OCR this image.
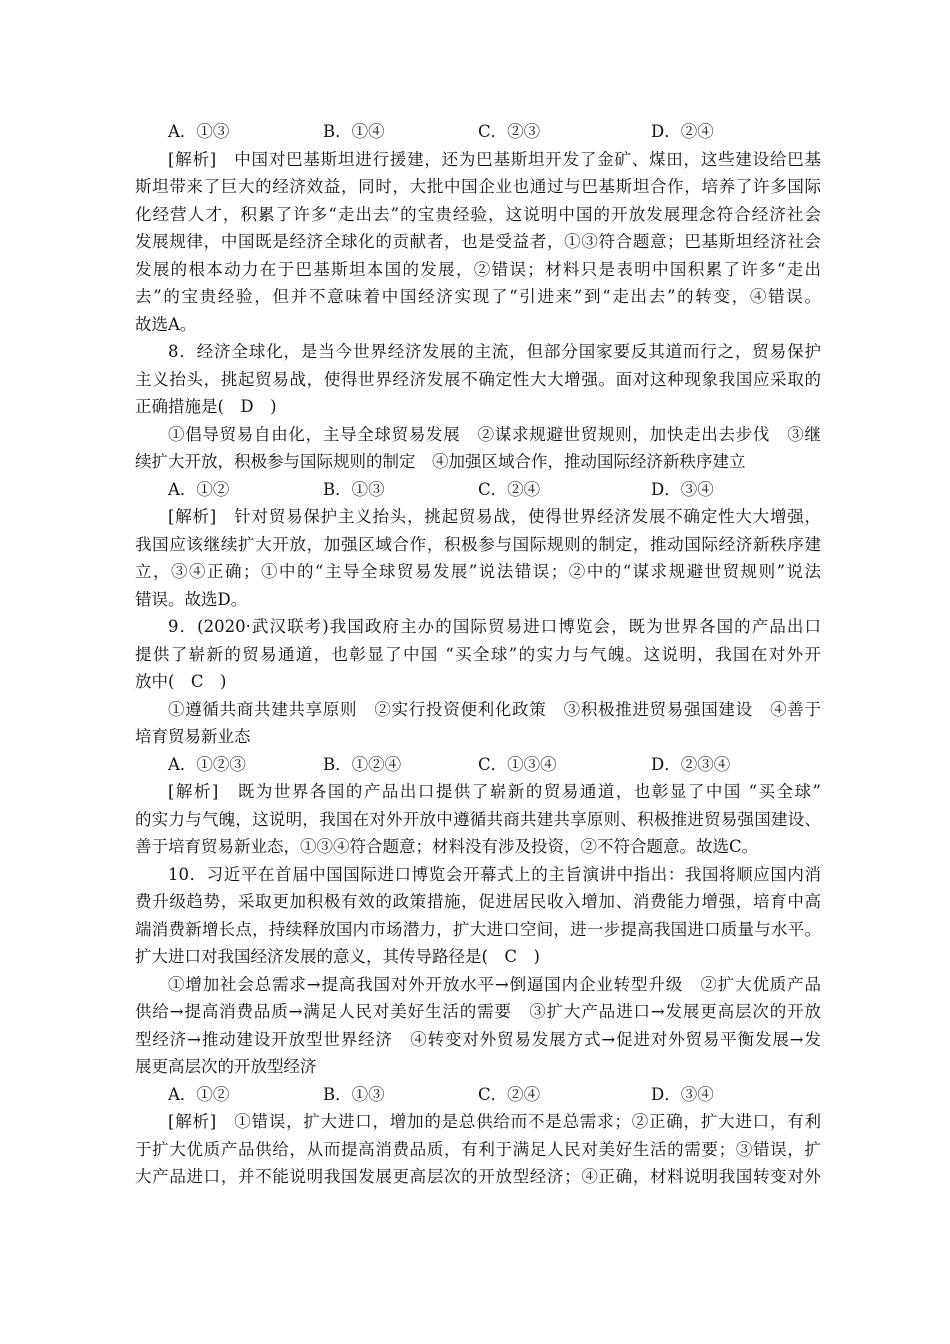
A．①③	B．①④	C．②③	D．②④
[解析]　中国对巴基斯坦进行援建，还为巴基斯坦开发了金矿、煤田，这些建设给巴基
斯坦带来了巨大的经济效益，同时，大批中国企业也通过与巴基斯坦合作，培养了许多国际
化经营人才，积累了许多“走出去”的宝贵经验，这说明中国的开放发展理念符合经济社会
发展规律，中国既是经济全球化的贡献者，也是受益者，①③符合题意；巴基斯坦经济社会
发展的根本动力在于巴基斯坦本国的发展，②错误；材料只是表明中国积累了许多“走出
去”的宝贵经验，但并不意味着中国经济实现了“引进来”到“走出去”的转变，④错误。
故选A。
8．经济全球化，是当今世界经济发展的主流，但部分国家要反其道而行之，贸易保护
主义抬头，挑起贸易战，使得世界经济发展不确定性大大增强。面对这种现象我国应采取的
正确措施是(　D　)
①倡导贸易自由化，主导全球贸易发展　②谋求规避世贸规则，加快走出去步伐　③继
续扩大开放，积极参与国际规则的制定　④加强区域合作，推动国际经济新秩序建立
A．①②	B．①③	C．②④	D．③④
[解析]　针对贸易保护主义抬头，挑起贸易战，使得世界经济发展不确定性大大增强，
我国应该继续扩大开放，加强区域合作，积极参与国际规则的制定，推动国际经济新秩序建
立，③④正确；①中的“主导全球贸易发展”说法错误；②中的“谋求规避世贸规则”说法
错误。故选D。
9．(2020·武汉联考)我国政府主办的国际贸易进口博览会，既为世界各国的产品出口
提供了崭新的贸易通道，也彰显了中国 “买全球”的实力与气魄。这说明，我国在对外开
放中(　C　)
①遵循共商共建共享原则　②实行投资便利化政策　③积极推进贸易强国建设　④善于
培育贸易新业态
A．①②③	B．①②④	C．①③④	D．②③④
[解析]　既为世界各国的产品出口提供了崭新的贸易通道，也彰显了中国 “买全球”
的实力与气魄，这说明，我国在对外开放中遵循共商共建共享原则、积极推进贸易强国建设、
善于培育贸易新业态，①③④符合题意；材料没有涉及投资，②不符合题意。故选C。
10．习近平在首届中国国际进口博览会开幕式上的主旨演讲中指出：我国将顺应国内消
费升级趋势，采取更加积极有效的政策措施，促进居民收入增加、消费能力增强，培育中高
端消费新增长点，持续释放国内市场潜力，扩大进口空间，进一步提高我国进口质量与水平。
扩大进口对我国经济发展的意义，其传导路径是(　C　)
①增加社会总需求→提高我国对外开放水平→倒逼国内企业转型升级　②扩大优质产品
供给→提高消费品质→满足人民对美好生活的需要　③扩大产品进口→发展更高层次的开放
型经济→推动建设开放型世界经济　④转变对外贸易发展方式→促进对外贸易平衡发展→发
展更高层次的开放型经济
A．①②	B．①③	C．②④	D．③④
[解析]　①错误，扩大进口，增加的是总供给而不是总需求；②正确，扩大进口，有利
于扩大优质产品供给，从而提高消费品质，有利于满足人民对美好生活的需要；③错误，扩
大产品进口，并不能说明我国发展更高层次的开放型经济；④正确，材料说明我国转变对外
